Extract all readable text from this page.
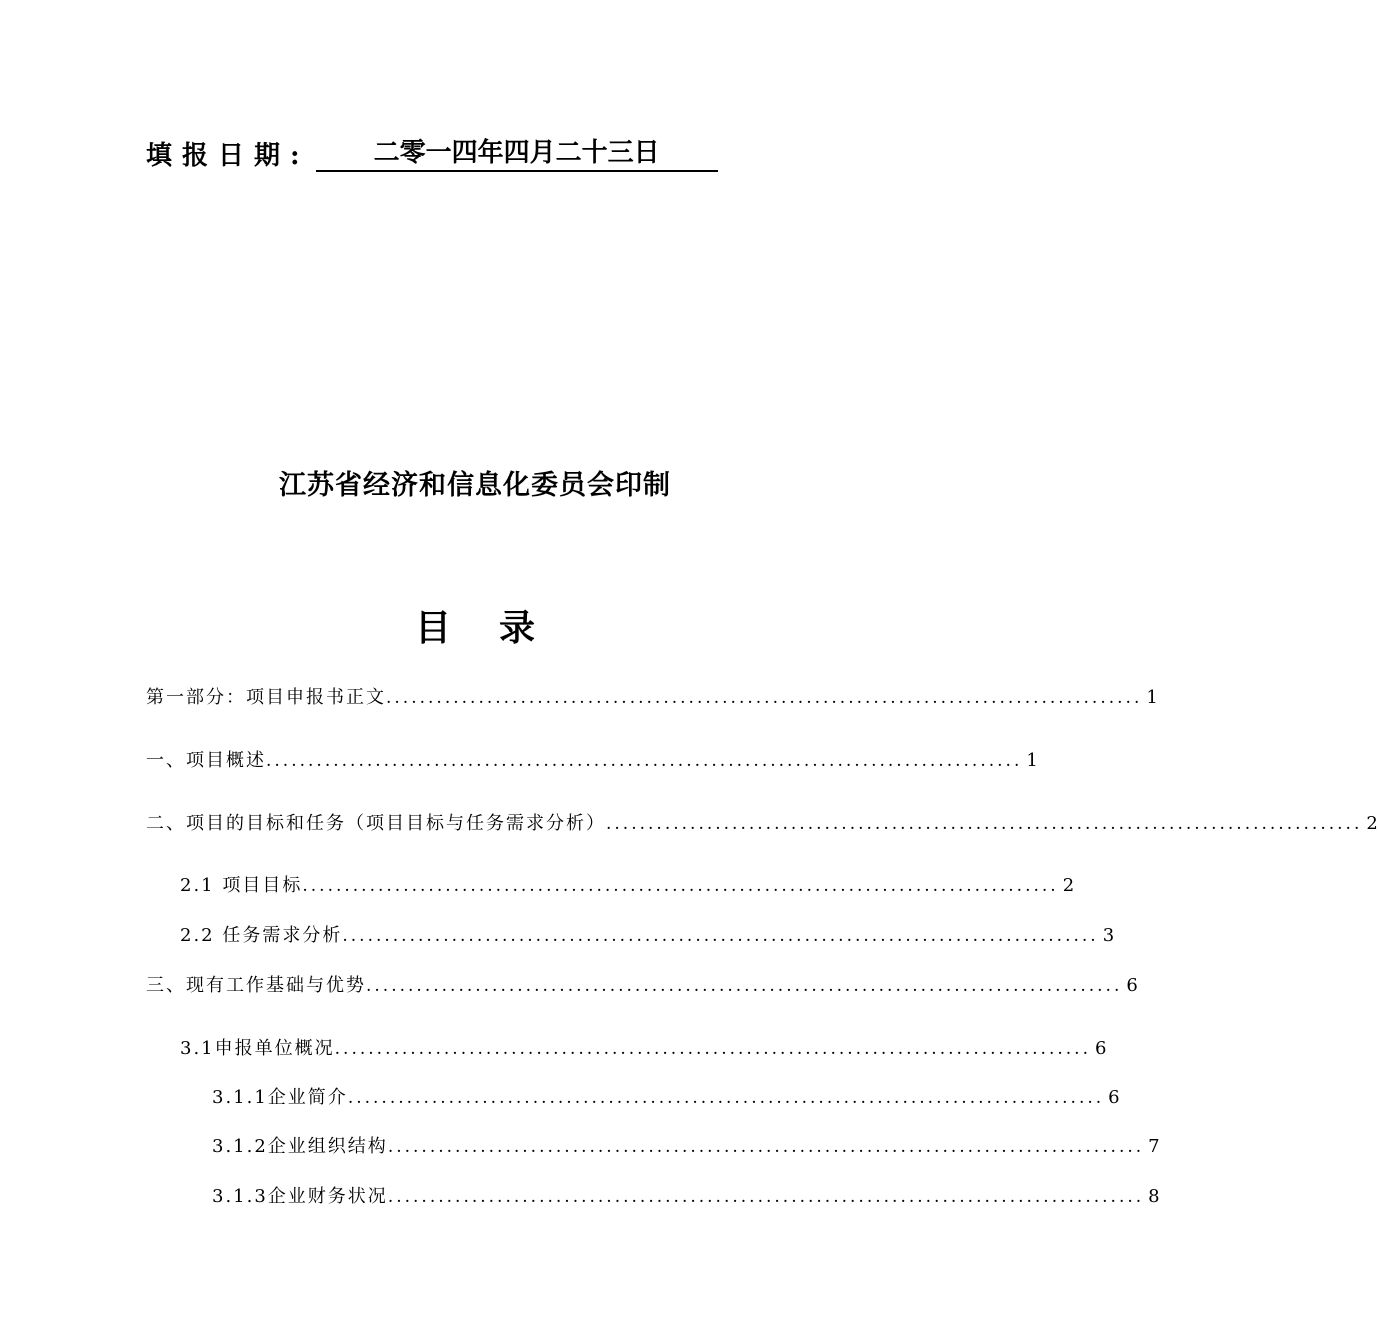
填报日期:	二零一四年四月二十三日
江苏省经济和信息化委员会印制
目 录
第一部分：项目申报书正文 .......................................................................................... 1
一、项目概述 .......................................................................................... 1
二、项目的目标和任务（项目目标与任务需求分析） .......................................................................................... 2
2.1 项目目标 .......................................................................................... 2
2.2 任务需求分析 .......................................................................................... 3
三、现有工作基础与优势 .......................................................................................... 6
3.1申报单位概况 .......................................................................................... 6
3.1.1企业简介 .......................................................................................... 6
3.1.2企业组织结构 .......................................................................................... 7
3.1.3企业财务状况 .......................................................................................... 8
